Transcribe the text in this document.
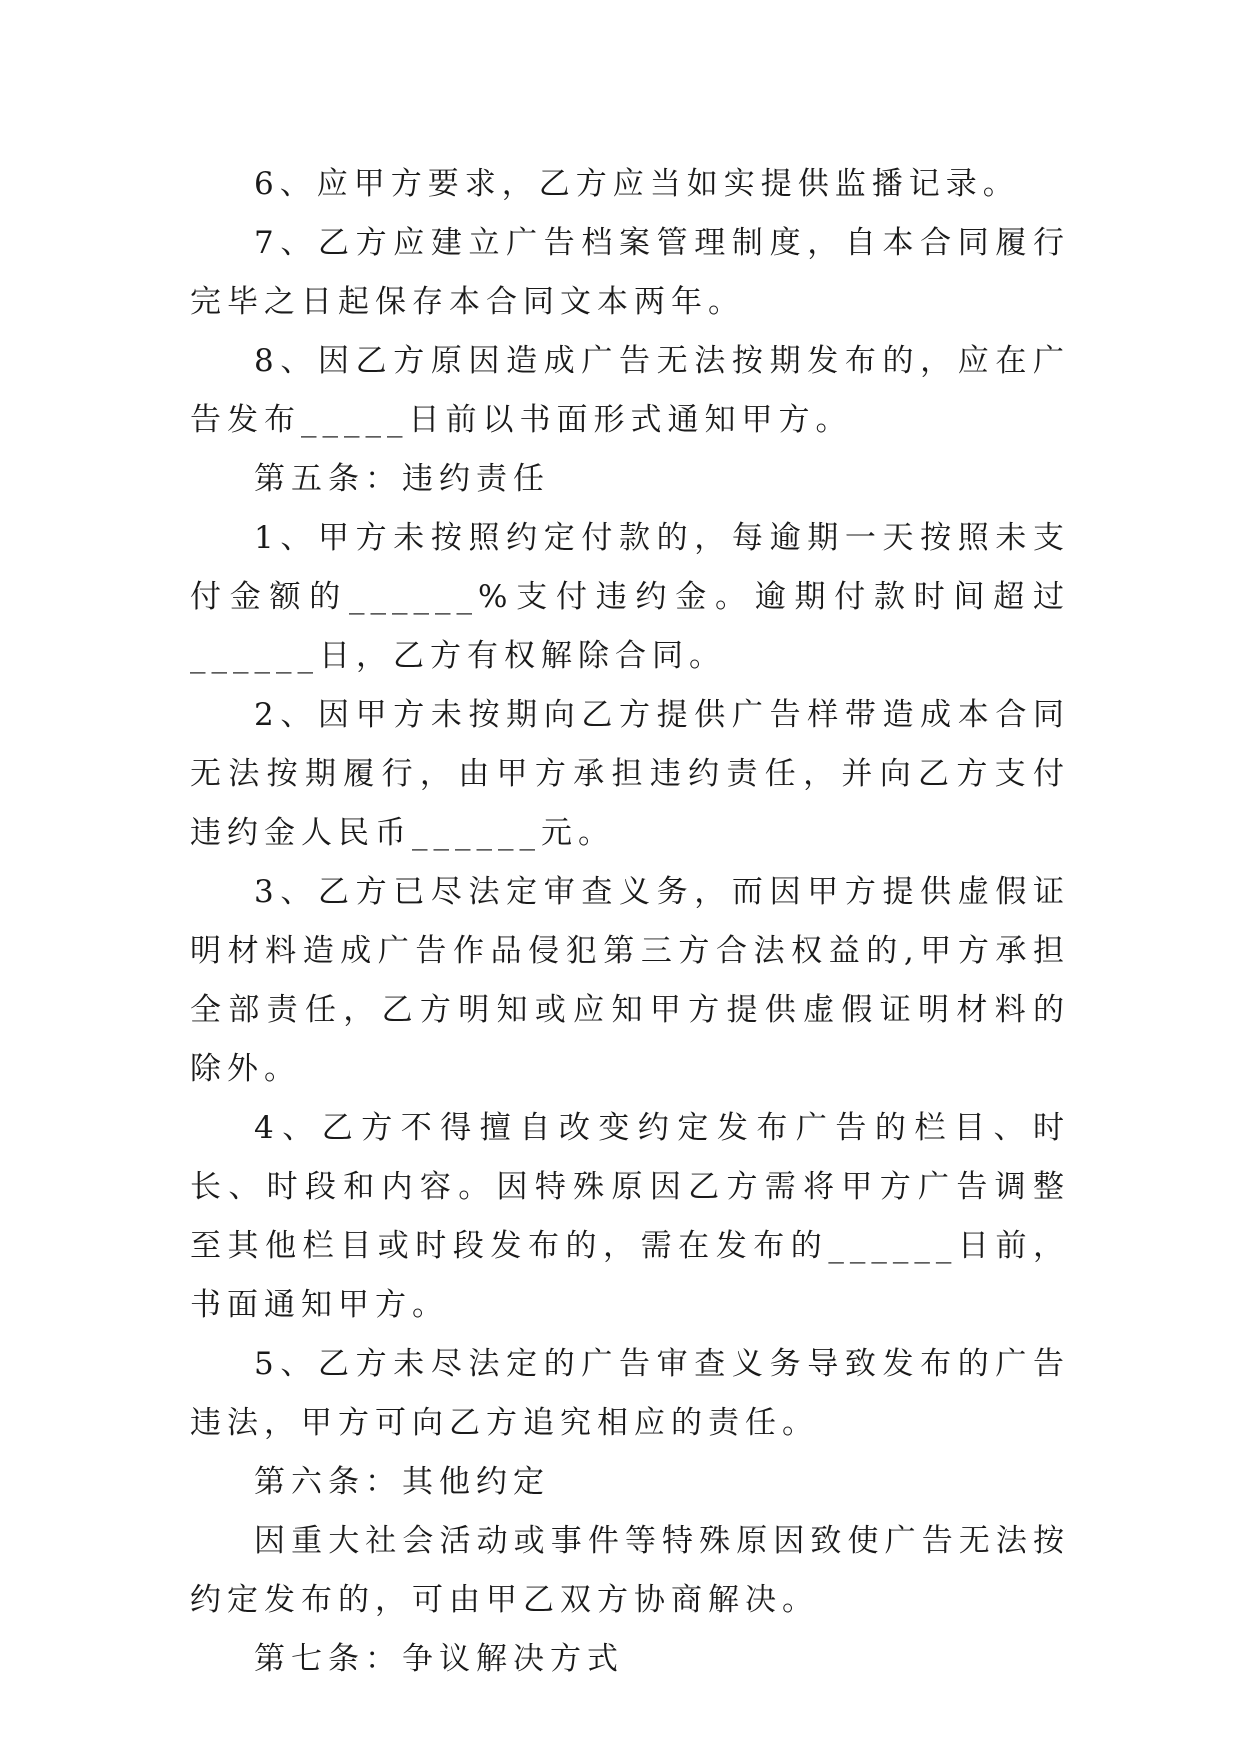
6、应甲方要求，乙方应当如实提供监播记录。

7、乙方应建立广告档案管理制度，自本合同履行完毕之日起保存本合同文本两年。

8、因乙方原因造成广告无法按期发布的，应在广告发布_____日前以书面形式通知甲方。

第五条：违约责任

1、甲方未按照约定付款的，每逾期一天按照未支付金额的______%支付违约金。逾期付款时间超过______日，乙方有权解除合同。

2、因甲方未按期向乙方提供广告样带造成本合同无法按期履行，由甲方承担违约责任，并向乙方支付违约金人民币______元。

3、乙方已尽法定审查义务，而因甲方提供虚假证明材料造成广告作品侵犯第三方合法权益的,甲方承担全部责任，乙方明知或应知甲方提供虚假证明材料的除外。

4、乙方不得擅自改变约定发布广告的栏目、时长、时段和内容。因特殊原因乙方需将甲方广告调整至其他栏目或时段发布的，需在发布的______日前，书面通知甲方。

5、乙方未尽法定的广告审查义务导致发布的广告违法，甲方可向乙方追究相应的责任。

第六条：其他约定

因重大社会活动或事件等特殊原因致使广告无法按约定发布的，可由甲乙双方协商解决。

第七条：争议解决方式
